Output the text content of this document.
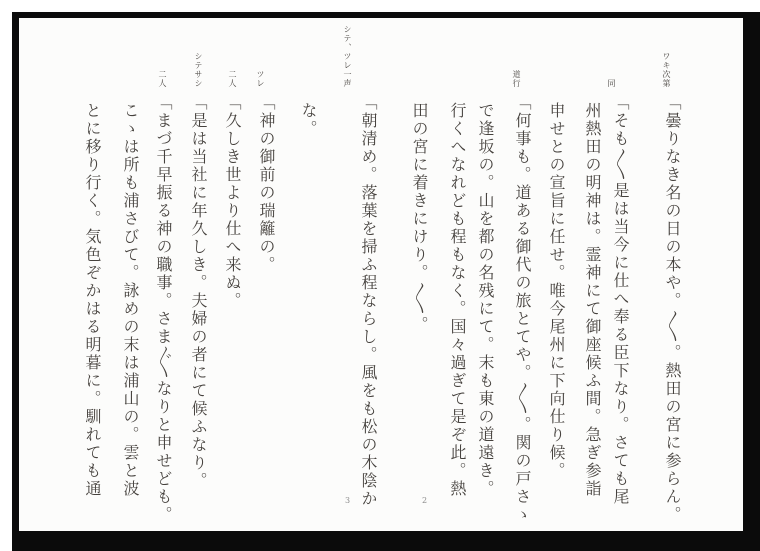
「曇りなき名の日の本や。〳〵。熱田の宮に参らん。
ワキ次第
「そも〳〵是は当今に仕へ奉る臣下なり。さても尾
同
州熱田の明神は。霊神にて御座候ふ間。急ぎ参詣
申せとの宣旨に任せ。唯今尾州に下向仕り候。
「何事も。道ある御代の旅とてや。〳〵。関の戸さゝ
道行
で逢坂の。山を都の名残にて。末も東の道遠き。
行くへなれども程もなく。国々過ぎて是ぞ此。熱
田の宮に着きにけり。〳〵。
「朝清め。落葉を掃ふ程ならし。風をも松の木陰か
シテ、ツレ一声
な。
「神の御前の瑞籬の。
ツレ
「久しき世より仕へ来ぬ。
二人
「是は当社に年久しき。夫婦の者にて候ふなり。
シテサシ
「まづ千早振る神の職事。さま〴〵なりと申せども。
二人
こゝは所も浦さびて。詠めの末は浦山の。雲と波
とに移り行く。気色ぞかはる明暮に。馴れても通
3	2
